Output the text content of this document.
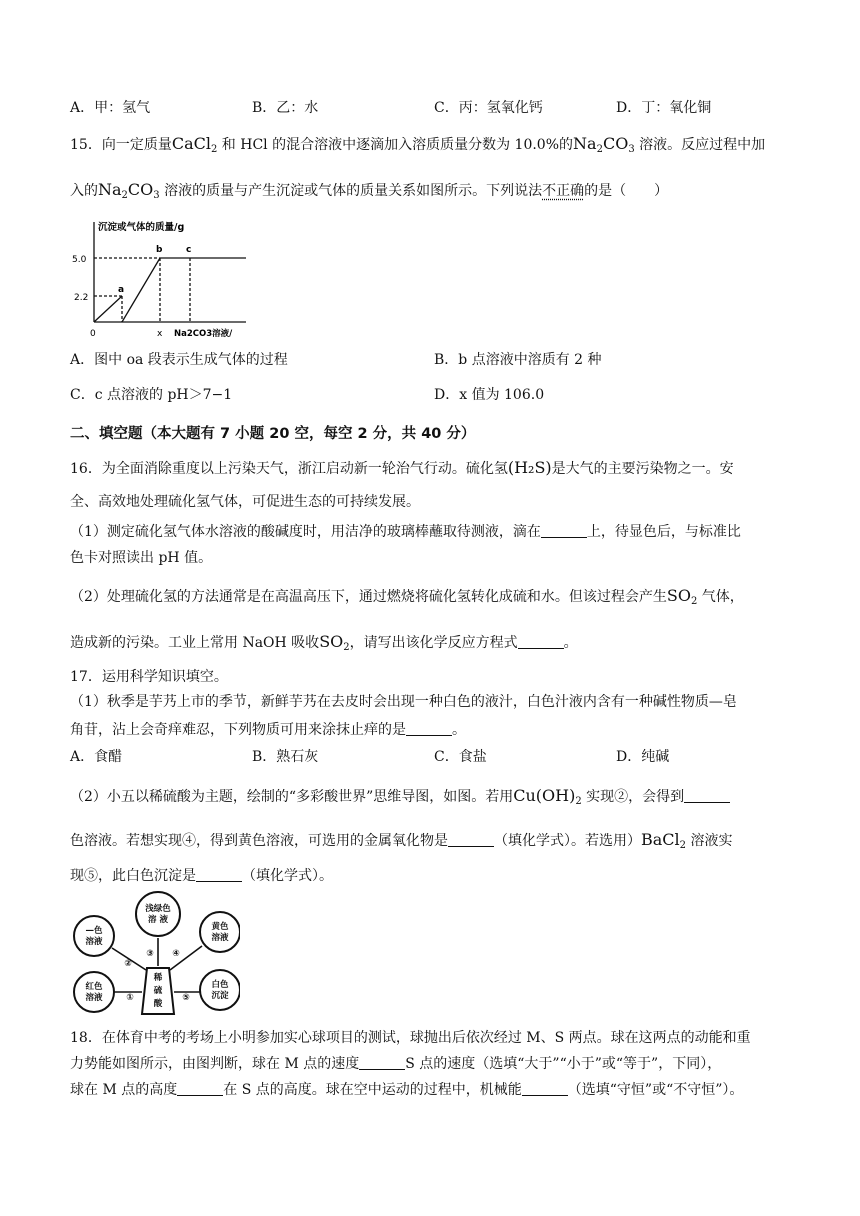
A．甲：氢气	B．乙：水	C．丙：氢氧化钙	D．丁：氧化铜
15．向一定质量CaCl$_2$ 和 HCl 的混合溶液中逐滴加入溶质质量分数为 10.0%的$Na_2CO_3$ 溶液。反应过程中加
入的$Na_2CO_3$ 溶液的质量与产生沉淀或气体的质量关系如图所示。下列说法不正确的是（　　）
沉淀或气体的质量/g
5.0
2.2
0	x Na2CO3溶液/
a
b	c
A．图中 oa 段表示生成气体的过程	B．b 点溶液中溶质有 2 种
C．c 点溶液的 pH＞7−1	D．x 值为 106.0
二、填空题（本大题有 7 小题 20 空，每空 2 分，共 40 分）
16．为全面消除重度以上污染天气，浙江启动新一轮治气行动。硫化氢(H₂S)是大气的主要污染物之一。安
全、高效地处理硫化氢气体，可促进生态的可持续发展。
（1）测定硫化氢气体水溶液的酸碱度时，用洁净的玻璃棒蘸取待测液，滴在	上，待显色后，与标准比
色卡对照读出 pH 值。
（2）处理硫化氢的方法通常是在高温高压下，通过燃烧将硫化氢转化成硫和水。但该过程会产生$SO_2$ 气体，
造成新的污染。工业上常用 NaOH 吸收$SO_2$，请写出该化学反应方程式	。
17．运用科学知识填空。
（1）秋季是芋艿上市的季节，新鲜芋艿在去皮时会出现一种白色的液汁，白色汁液内含有一种碱性物质—皂
角苷，沾上会奇痒难忍，下列物质可用来涂抹止痒的是	。
A．食醋	B．熟石灰	C．食盐	D．纯碱
（2）小五以稀硫酸为主题，绘制的“多彩酸世界”思维导图，如图。若用$Cu(OH)_2$ 实现②，会得到
色溶液。若想实现④，得到黄色溶液，可选用的金属氧化物是	（填化学式）。若选用）BaCl$_2$ 溶液实
现⑤，此白色沉淀是	（填化学式）。
浅绿色
溶 液
—色
溶液
黄色
溶液
红色
溶液
白色
沉淀
稀
硫
酸
①
②
③ ④
⑤
18．在体育中考的考场上小明参加实心球项目的测试，球抛出后依次经过 M、S 两点。球在这两点的动能和重
力势能如图所示，由图判断，球在 M 点的速度	S 点的速度（选填“大于”“小于”或“等于”，下同），
球在 M 点的高度	在 S 点的高度。球在空中运动的过程中，机械能	（选填“守恒”或“不守恒”）。
